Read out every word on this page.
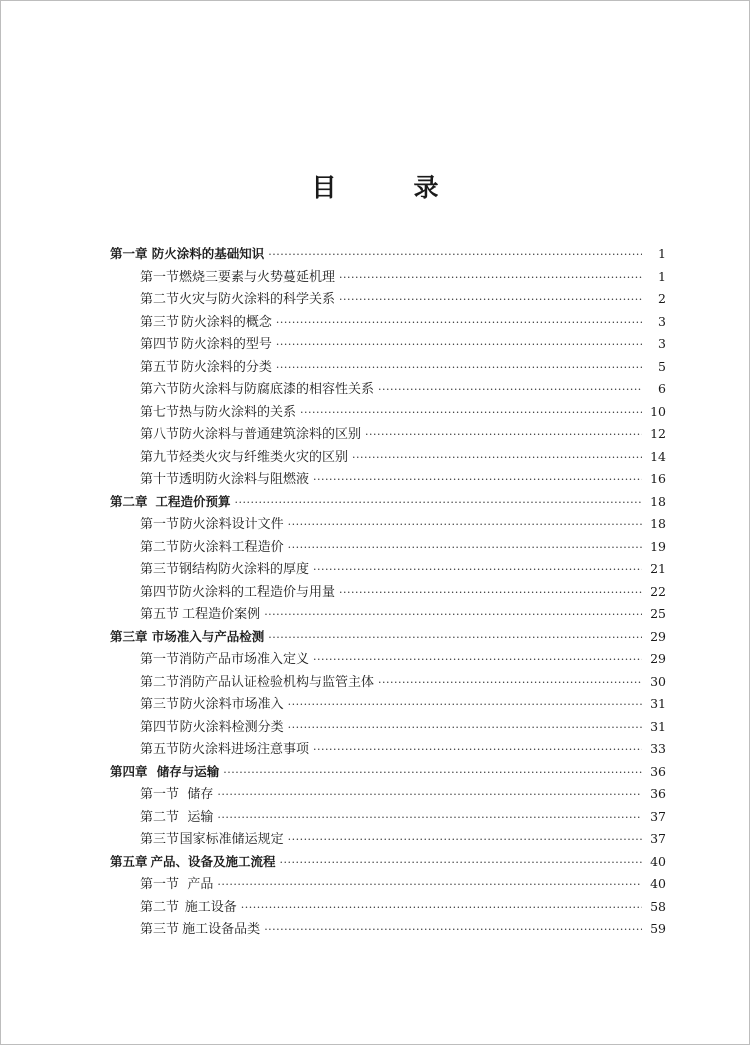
目　录
第一章 防火涂料的基础知识 ·····	1
第一节 燃烧三要素与火势蔓延机理 ·····	1
第二节 火灾与防火涂料的科学关系 ·····	2
第三节 防火涂料的概念 ·····	3
第四节 防火涂料的型号 ·····	3
第五节 防火涂料的分类 ·····	5
第六节 防火涂料与防腐底漆的相容性关系 ·····	6
第七节 热与防火涂料的关系 ·····	10
第八节 防火涂料与普通建筑涂料的区别 ·····	12
第九节 烃类火灾与纤维类火灾的区别 ·····	14
第十节 透明防火涂料与阻燃液 ·····	16
第二章 工程造价预算 ·····	18
第一节 防火涂料设计文件 ·····	18
第二节 防火涂料工程造价 ·····	19
第三节 钢结构防火涂料的厚度 ·····	21
第四节 防火涂料的工程造价与用量 ·····	22
第五节 工程造价案例 ·····	25
第三章 市场准入与产品检测 ·····	29
第一节 消防产品市场准入定义 ·····	29
第二节 消防产品认证检验机构与监管主体 ·····	30
第三节 防火涂料市场准入 ·····	31
第四节 防火涂料检测分类 ·····	31
第五节 防火涂料进场注意事项 ·····	33
第四章 储存与运输 ·····	36
第一节 储存 ·····	36
第二节 运输 ·····	37
第三节 国家标准储运规定 ·····	37
第五章 产品、设备及施工流程 ·····	40
第一节 产品 ·····	40
第二节 施工设备 ·····	58
第三节 施工设备品类 ·····	59
